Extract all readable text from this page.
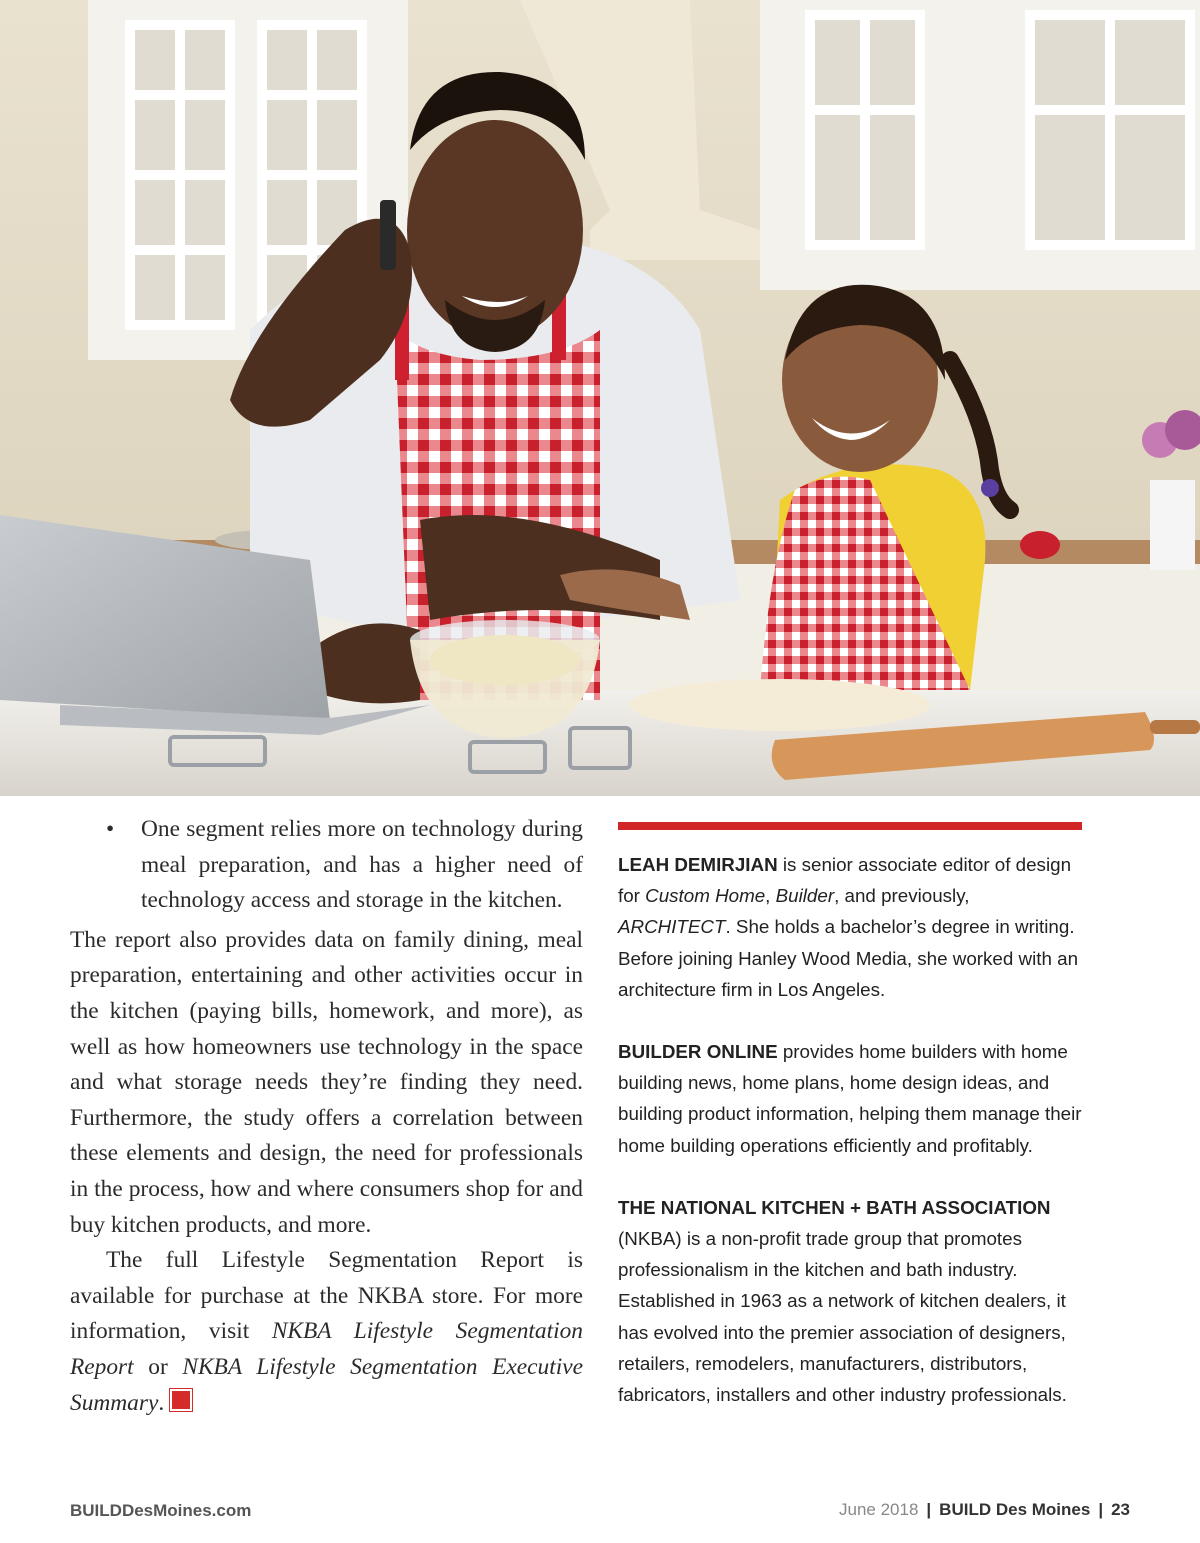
• One segment relies more on technology during meal preparation, and has a higher need of technology access and storage in the kitchen.

The report also provides data on family dining, meal preparation, entertaining and other activities occur in the kitchen (paying bills, homework, and more), as well as how homeowners use technology in the space and what storage needs they’re finding they need. Furthermore, the study offers a correlation between these elements and design, the need for professionals in the process, how and where consumers shop for and buy kitchen products, and more.

The full Lifestyle Segmentation Report is available for purchase at the NKBA store. For more information, visit NKBA Lifestyle Segmentation Report or NKBA Lifestyle Segmentation Executive Summary. B

LEAH DEMIRJIAN is senior associate editor of design for Custom Home, Builder, and previously, ARCHITECT. She holds a bachelor’s degree in writing. Before joining Hanley Wood Media, she worked with an architecture firm in Los Angeles.

BUILDER ONLINE provides home builders with home building news, home plans, home design ideas, and building product information, helping them manage their home building operations efficiently and profitably.

THE NATIONAL KITCHEN + BATH ASSOCIATION
(NKBA) is a non-profit trade group that promotes professionalism in the kitchen and bath industry. Established in 1963 as a network of kitchen dealers, it has evolved into the premier association of designers, retailers, remodelers, manufacturers, distributors, fabricators, installers and other industry professionals.

BUILDDesMoines.com	June 2018 | BUILD Des Moines | 23
